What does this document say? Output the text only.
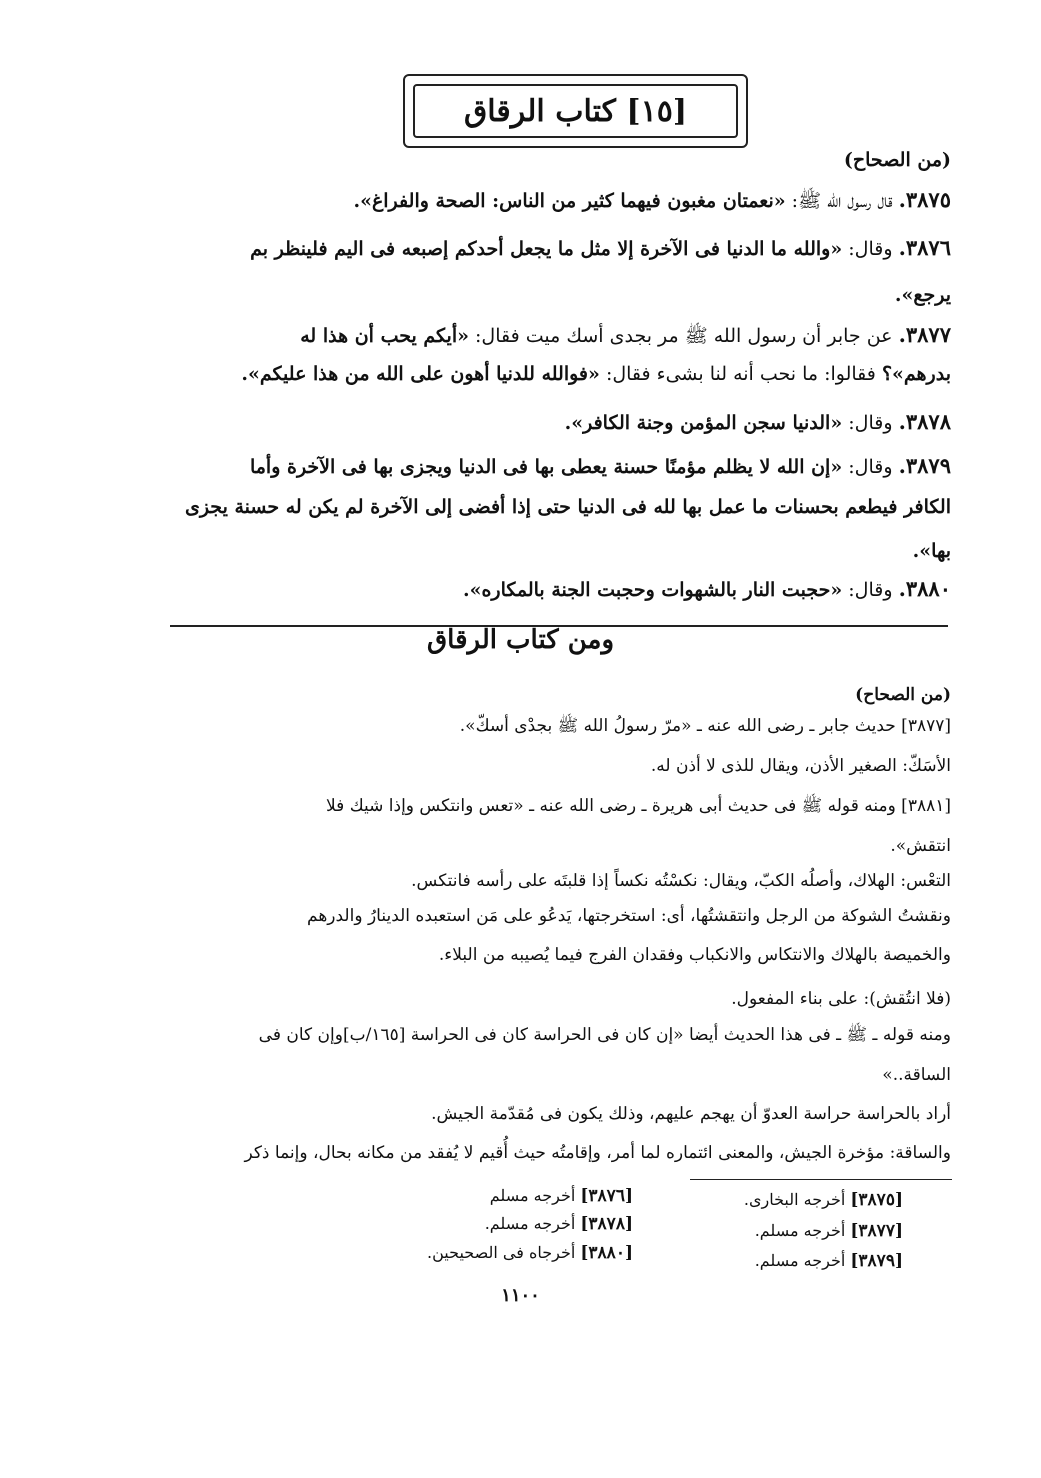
[١٥] كتاب الرقاق
(من الصحاح)
٣٨٧٥. قال رسول الله ﷺ: «نعمتان مغبون فيهما كثير من الناس: الصحة والفراغ».
٣٨٧٦. وقال: «والله ما الدنيا فى الآخرة إلا مثل ما يجعل أحدكم إصبعه فى اليم فلينظر بم
يرجع».
٣٨٧٧. عن جابر أن رسول الله ﷺ مر بجدى أسك ميت فقال: «أيكم يحب أن هذا له
بدرهم»؟ فقالوا: ما نحب أنه لنا بشىء فقال: «فوالله للدنيا أهون على الله من هذا عليكم».
٣٨٧٨. وقال: «الدنيا سجن المؤمن وجنة الكافر».
٣٨٧٩. وقال: «إن الله لا يظلم مؤمنًا حسنة يعطى بها فى الدنيا ويجزى بها فى الآخرة وأما
الكافر فيطعم بحسنات ما عمل بها لله فى الدنيا حتى إذا أفضى إلى الآخرة لم يكن له حسنة يجزى
بها».
٣٨٨٠. وقال: «حجبت النار بالشهوات وحجبت الجنة بالمكاره».
ومن كتاب الرقاق
(من الصحاح)
[٣٨٧٧] حديث جابر ـ رضى الله عنه ـ «مرّ رسولُ الله ﷺ بجدْى أسكّ».
الأسَكّ: الصغير الأذن، ويقال للذى لا أذن له.
[٣٨٨١] ومنه قوله ﷺ فى حديث أبى هريرة ـ رضى الله عنه ـ «تعس وانتكس وإذا شيك فلا
انتقش».
التعْس: الهلاك، وأصلُه الكبّ، ويقال: نكسْتُه نكساً إذا قلبتَه على رأسه فانتكس.
ونقشتُ الشوكة من الرجل وانتقشتُها، أى: استخرجتها، يَدعُو على مَن استعبده الدينارُ والدرهم
والخميصة بالهلاك والانتكاس والانكباب وفقدان الفرج فيما يُصيبه من البلاء.
(فلا انتُقش): على بناء المفعول.
ومنه قوله ـ ﷺ ـ فى هذا الحديث أيضا «إن كان فى الحراسة كان فى الحراسة [١٦٥/ب]وإن كان فى
الساقة..»
أراد بالحراسة حراسة العدوّ أن يهجم عليهم، وذلك يكون فى مُقدّمة الجيش.
والساقة: مؤخرة الجيش، والمعنى ائتماره لما أمر، وإقامتُه حيث أُقيم لا يُفقد من مكانه بحال، وإنما ذكر
[٣٨٧٥] أخرجه البخارى.
[٣٨٧٧] أخرجه مسلم.
[٣٨٧٩] أخرجه مسلم.
[٣٨٧٦] أخرجه مسلم
[٣٨٧٨] أخرجه مسلم.
[٣٨٨٠] أخرجاه فى الصحيحين.
١١٠٠
